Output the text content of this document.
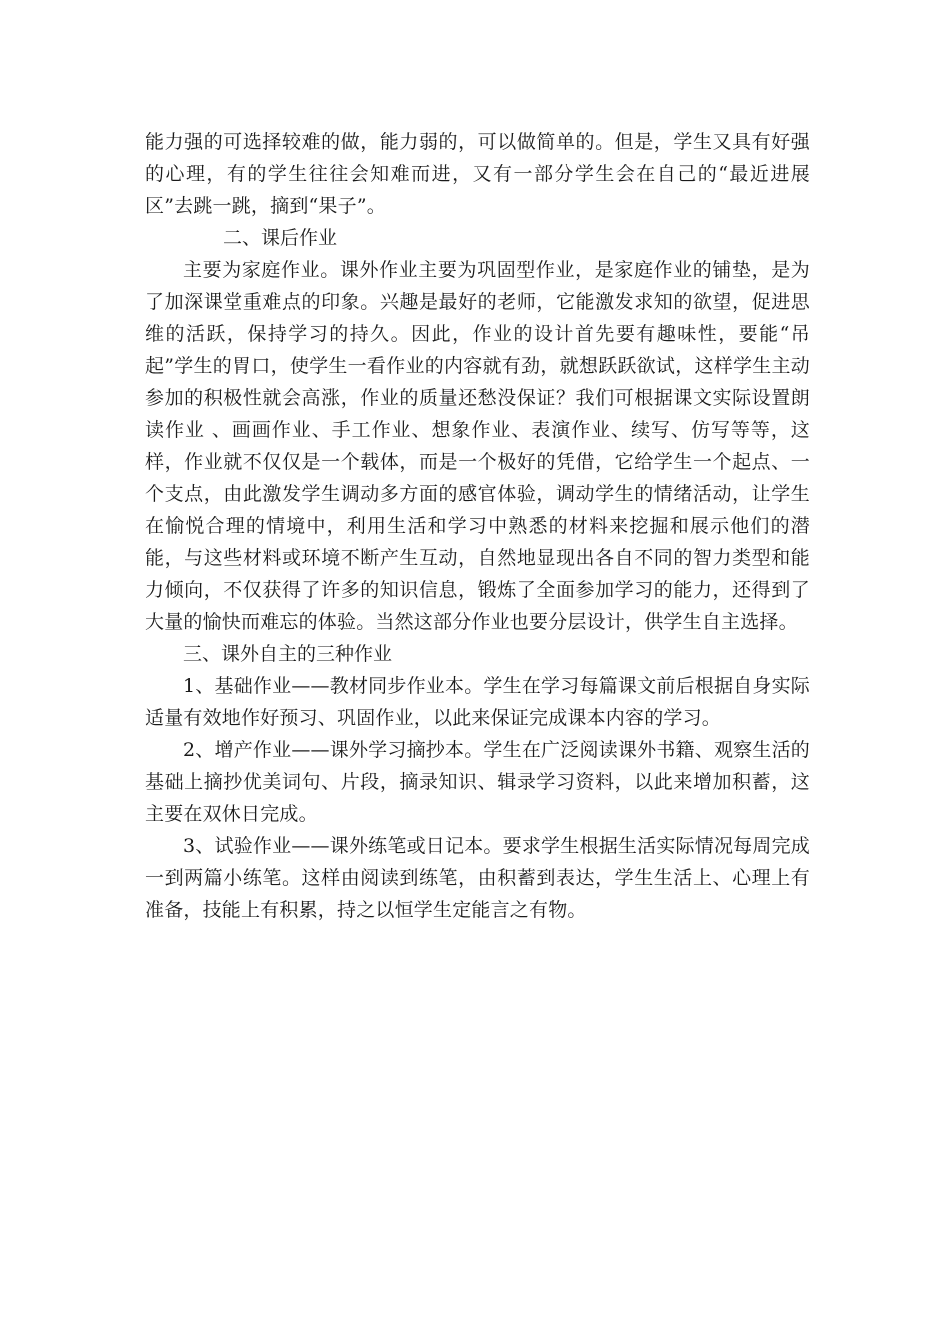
能力强的可选择较难的做，能力弱的，可以做简单的。但是，学生又具有好强的心理，有的学生往往会知难而进，又有一部分学生会在自己的“最近进展区”去跳一跳，摘到“果子”。

二、课后作业

主要为家庭作业。课外作业主要为巩固型作业，是家庭作业的铺垫，是为了加深课堂重难点的印象。兴趣是最好的老师，它能激发求知的欲望，促进思维的活跃，保持学习的持久。因此，作业的设计首先要有趣味性，要能“吊起”学生的胃口，使学生一看作业的内容就有劲，就想跃跃欲试，这样学生主动参加的积极性就会高涨，作业的质量还愁没保证？我们可根据课文实际设置朗读作业 、画画作业、手工作业、想象作业、表演作业、续写、仿写等等，这样，作业就不仅仅是一个载体，而是一个极好的凭借，它给学生一个起点、一个支点，由此激发学生调动多方面的感官体验，调动学生的情绪活动，让学生在愉悦合理的情境中，利用生活和学习中熟悉的材料来挖掘和展示他们的潜能，与这些材料或环境不断产生互动，自然地显现出各自不同的智力类型和能力倾向，不仅获得了许多的知识信息，锻炼了全面参加学习的能力，还得到了大量的愉快而难忘的体验。当然这部分作业也要分层设计，供学生自主选择。

三、课外自主的三种作业

1、基础作业——教材同步作业本。学生在学习每篇课文前后根据自身实际适量有效地作好预习、巩固作业，以此来保证完成课本内容的学习。

2、增产作业——课外学习摘抄本。学生在广泛阅读课外书籍、观察生活的基础上摘抄优美词句、片段，摘录知识、辑录学习资料，以此来增加积蓄，这主要在双休日完成。

3、试验作业——课外练笔或日记本。要求学生根据生活实际情况每周完成一到两篇小练笔。这样由阅读到练笔，由积蓄到表达，学生生活上、心理上有准备，技能上有积累，持之以恒学生定能言之有物。
